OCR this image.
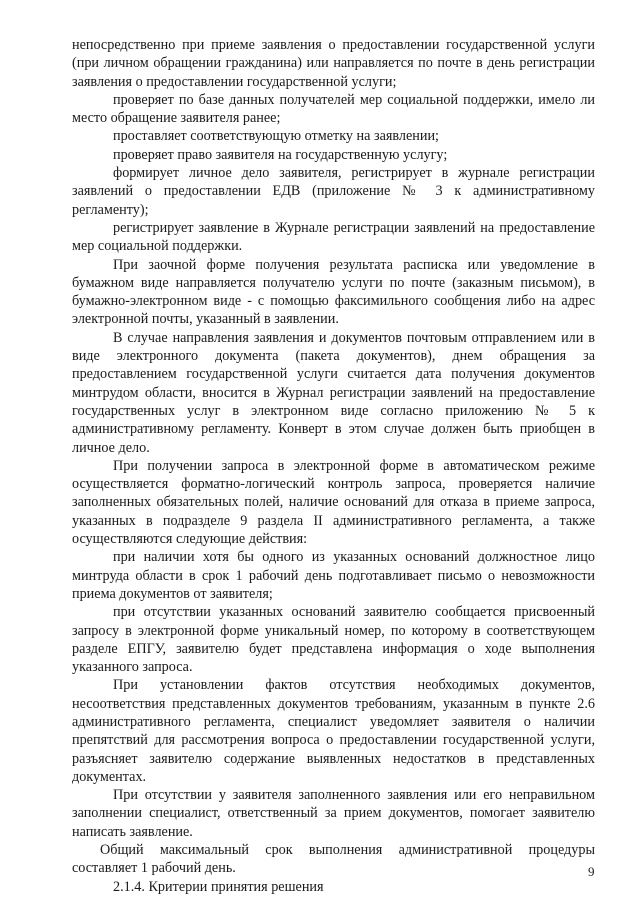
непосредственно при приеме заявления о предоставлении государственной услуги (при личном обращении гражданина) или направляется по почте в день регистрации заявления о предоставлении государственной услуги;

проверяет по базе данных получателей мер социальной поддержки, имело ли место обращение заявителя ранее;

проставляет соответствующую отметку на заявлении;

проверяет право заявителя на государственную услугу;

формирует личное дело заявителя, регистрирует в журнале регистрации заявлений о предоставлении ЕДВ (приложение № 3 к административному регламенту);

регистрирует заявление в Журнале регистрации заявлений на предоставление мер социальной поддержки.

При заочной форме получения результата расписка или уведомление в бумажном виде направляется получателю услуги по почте (заказным письмом), в бумажно-электронном виде - с помощью факсимильного сообщения либо на адрес электронной почты, указанный в заявлении.

В случае направления заявления и документов почтовым отправлением или в виде электронного документа (пакета документов), днем обращения за предоставлением государственной услуги считается дата получения документов минтрудом области, вносится в Журнал регистрации заявлений на предоставление государственных услуг в электронном виде согласно приложению № 5 к административному регламенту. Конверт в этом случае должен быть приобщен в личное дело.

При получении запроса в электронной форме в автоматическом режиме осуществляется форматно-логический контроль запроса, проверяется наличие заполненных обязательных полей, наличие оснований для отказа в приеме запроса, указанных в подразделе 9 раздела II административного регламента, а также осуществляются следующие действия:

при наличии хотя бы одного из указанных оснований должностное лицо минтруда области в срок 1 рабочий день подготавливает письмо о невозможности приема документов от заявителя;

при отсутствии указанных оснований заявителю сообщается присвоенный запросу в электронной форме уникальный номер, по которому в соответствующем разделе ЕПГУ, заявителю будет представлена информация о ходе выполнения указанного запроса.

При установлении фактов отсутствия необходимых документов, несоответствия представленных документов требованиям, указанным в пункте 2.6 административного регламента, специалист уведомляет заявителя о наличии препятствий для рассмотрения вопроса о предоставлении государственной услуги, разъясняет заявителю содержание выявленных недостатков в представленных документах.

При отсутствии у заявителя заполненного заявления или его неправильном заполнении специалист, ответственный за прием документов, помогает заявителю написать заявление.

Общий максимальный срок выполнения административной процедуры составляет 1 рабочий день.

2.1.4. Критерии принятия решения

9
